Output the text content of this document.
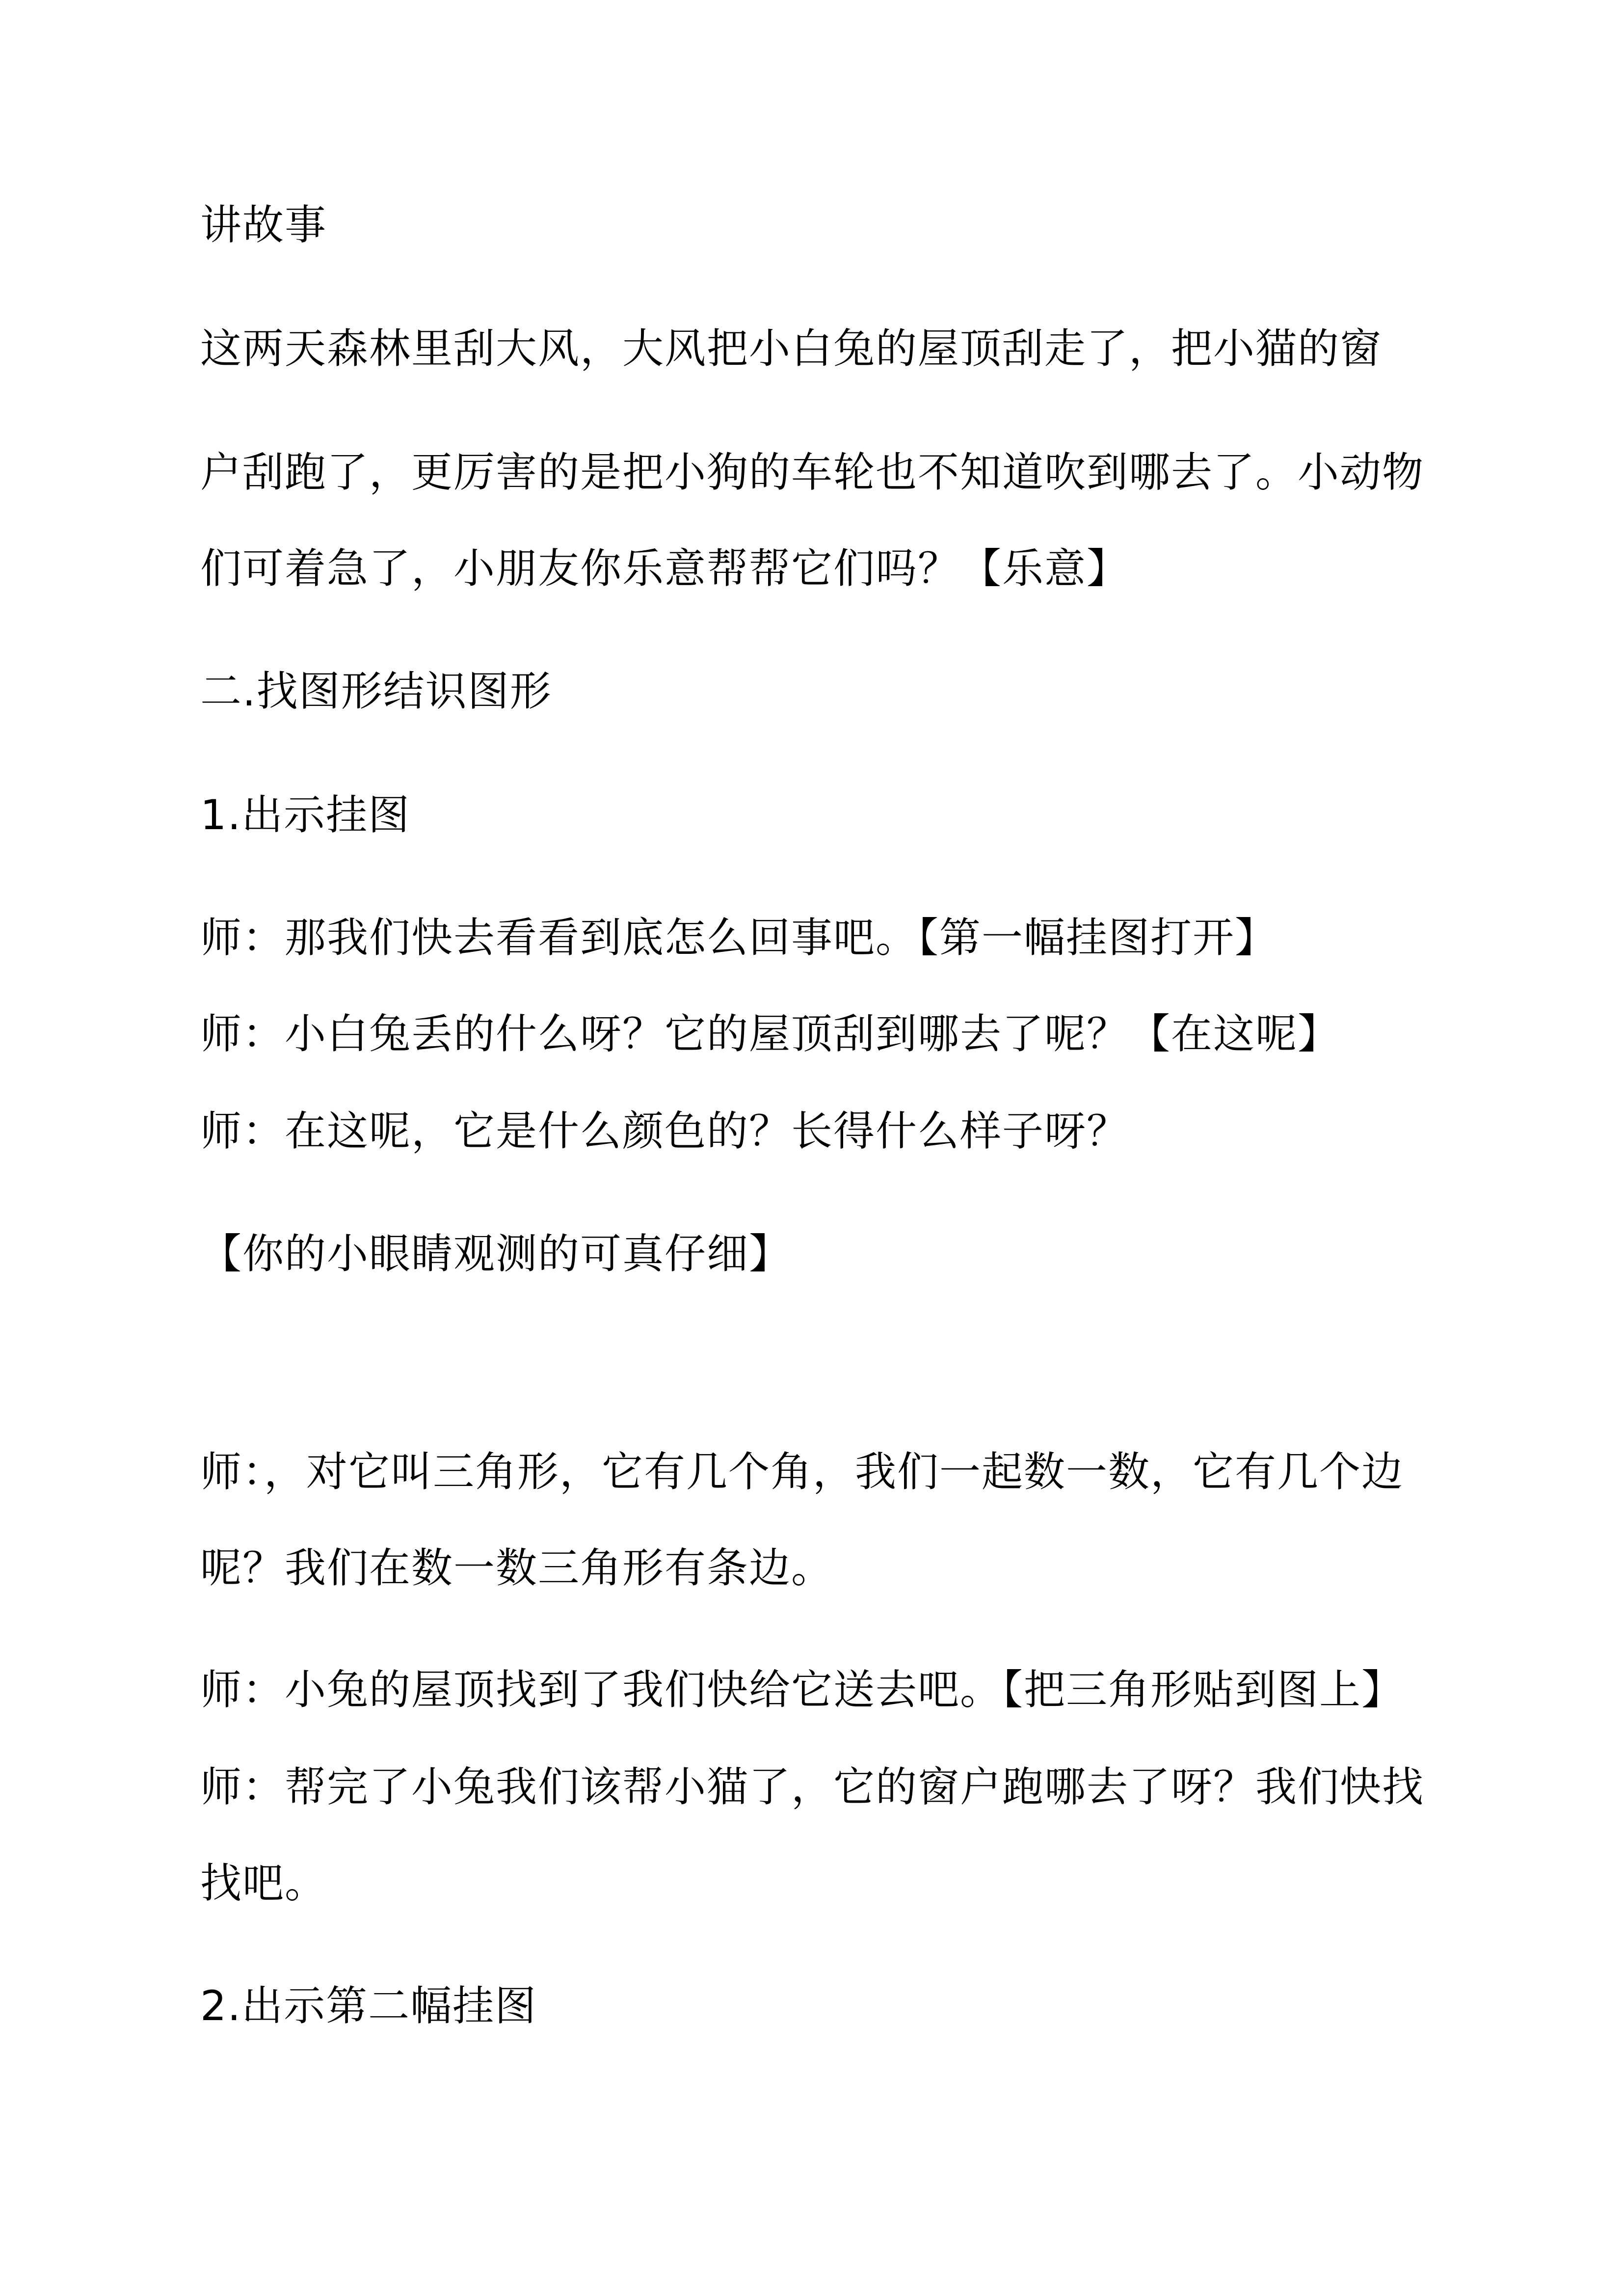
讲故事
这两天森林里刮大风，大风把小白兔的屋顶刮走了，把小猫的窗
户刮跑了，更厉害的是把小狗的车轮也不知道吹到哪去了。小动物
们可着急了，小朋友你乐意帮帮它们吗？【乐意】
二.找图形结识图形
1.出示挂图
师：那我们快去看看到底怎么回事吧。【第一幅挂图打开】
师：小白兔丢的什么呀？它的屋顶刮到哪去了呢？【在这呢】
师：在这呢，它是什么颜色的？长得什么样子呀？
【你的小眼睛观测的可真仔细】
师：，对它叫三角形，它有几个角，我们一起数一数，它有几个边
呢？我们在数一数三角形有条边。
师：小兔的屋顶找到了我们快给它送去吧。【把三角形贴到图上】
师：帮完了小兔我们该帮小猫了，它的窗户跑哪去了呀？我们快找
找吧。
2.出示第二幅挂图
